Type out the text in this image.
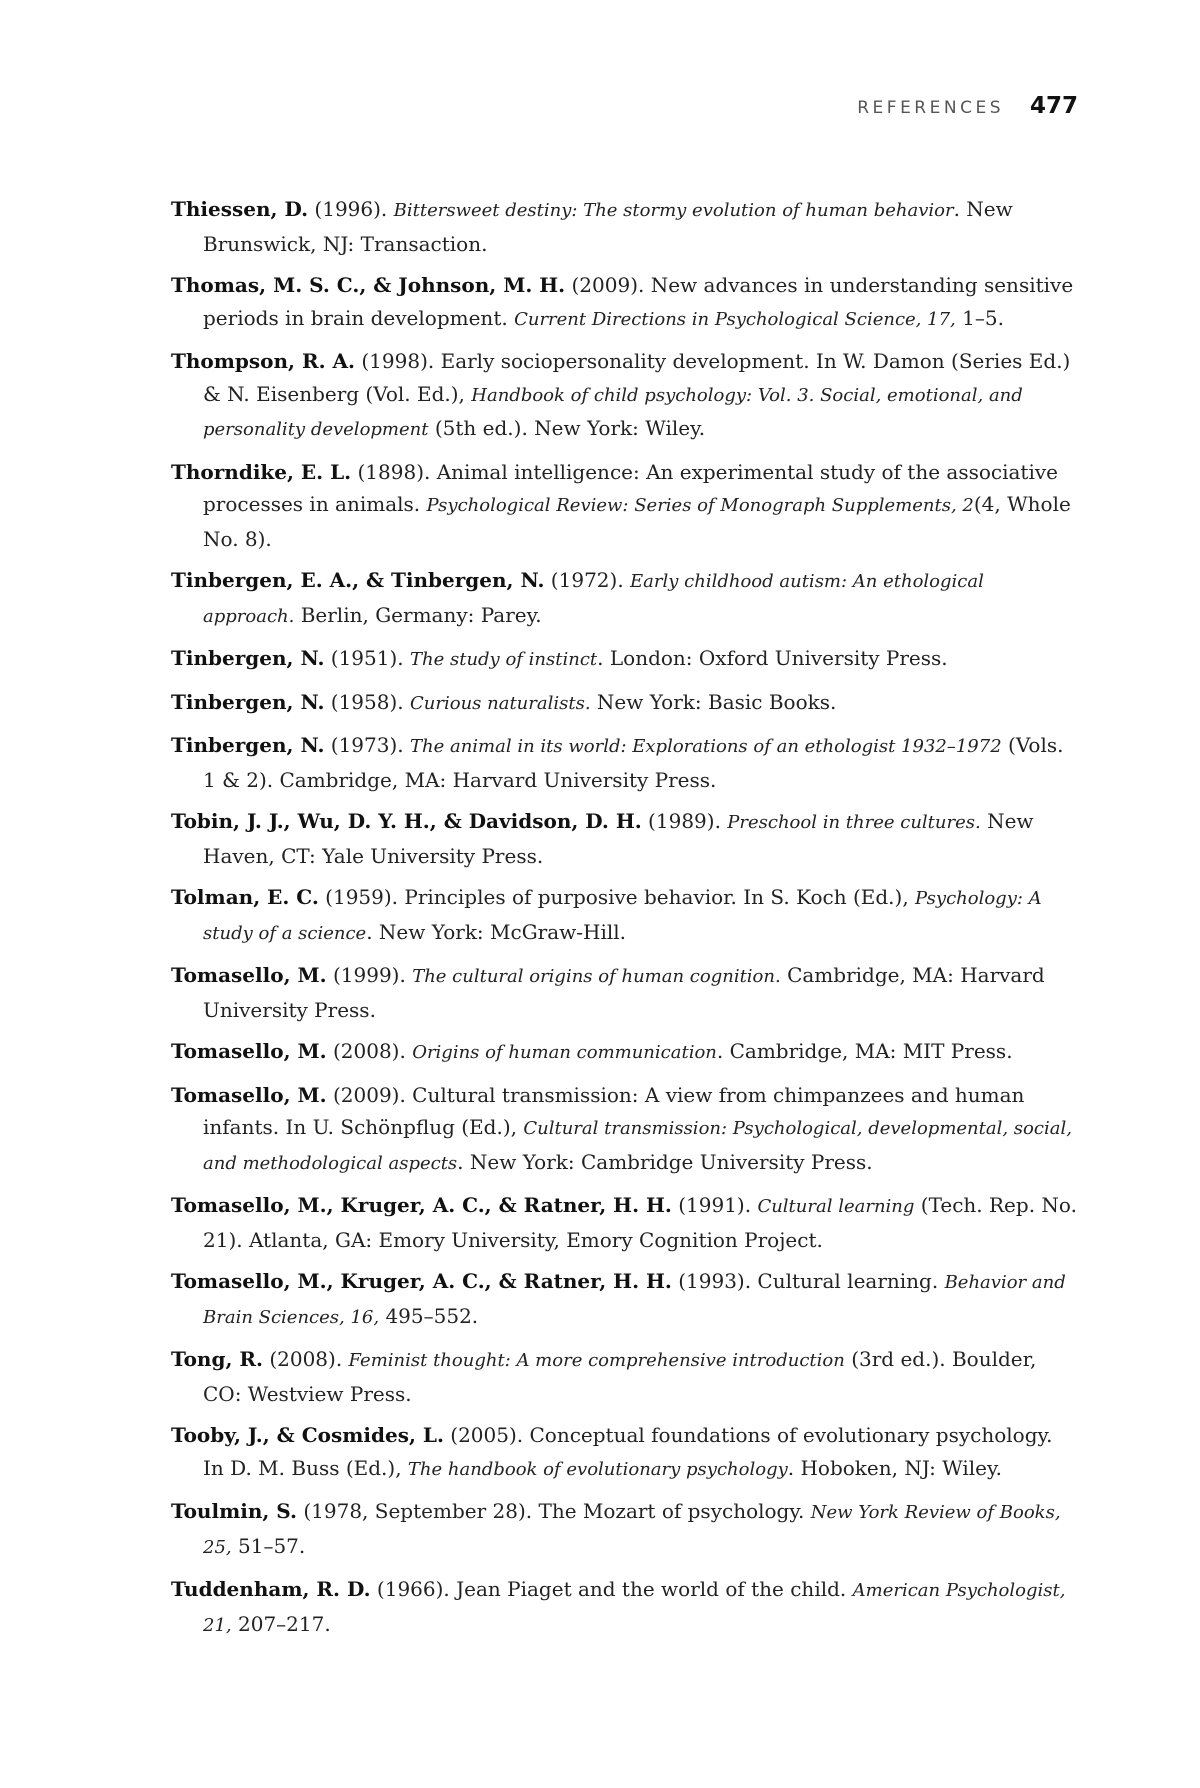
REFERENCES 477
Thiessen, D. (1996). Bittersweet destiny: The stormy evolution of human behavior. New Brunswick, NJ: Transaction.
Thomas, M. S. C., & Johnson, M. H. (2009). New advances in understanding sensitive periods in brain development. Current Directions in Psychological Science, 17, 1–5.
Thompson, R. A. (1998). Early sociopersonality development. In W. Damon (Series Ed.) & N. Eisenberg (Vol. Ed.), Handbook of child psychology: Vol. 3. Social, emotional, and personality development (5th ed.). New York: Wiley.
Thorndike, E. L. (1898). Animal intelligence: An experimental study of the associative processes in animals. Psychological Review: Series of Monograph Supplements, 2(4, Whole No. 8).
Tinbergen, E. A., & Tinbergen, N. (1972). Early childhood autism: An ethological approach. Berlin, Germany: Parey.
Tinbergen, N. (1951). The study of instinct. London: Oxford University Press.
Tinbergen, N. (1958). Curious naturalists. New York: Basic Books.
Tinbergen, N. (1973). The animal in its world: Explorations of an ethologist 1932–1972 (Vols. 1 & 2). Cambridge, MA: Harvard University Press.
Tobin, J. J., Wu, D. Y. H., & Davidson, D. H. (1989). Preschool in three cultures. New Haven, CT: Yale University Press.
Tolman, E. C. (1959). Principles of purposive behavior. In S. Koch (Ed.), Psychology: A study of a science. New York: McGraw-Hill.
Tomasello, M. (1999). The cultural origins of human cognition. Cambridge, MA: Harvard University Press.
Tomasello, M. (2008). Origins of human communication. Cambridge, MA: MIT Press.
Tomasello, M. (2009). Cultural transmission: A view from chimpanzees and human infants. In U. Schönpflug (Ed.), Cultural transmission: Psychological, developmental, social, and methodological aspects. New York: Cambridge University Press.
Tomasello, M., Kruger, A. C., & Ratner, H. H. (1991). Cultural learning (Tech. Rep. No. 21). Atlanta, GA: Emory University, Emory Cognition Project.
Tomasello, M., Kruger, A. C., & Ratner, H. H. (1993). Cultural learning. Behavior and Brain Sciences, 16, 495–552.
Tong, R. (2008). Feminist thought: A more comprehensive introduction (3rd ed.). Boulder, CO: Westview Press.
Tooby, J., & Cosmides, L. (2005). Conceptual foundations of evolutionary psychology. In D. M. Buss (Ed.), The handbook of evolutionary psychology. Hoboken, NJ: Wiley.
Toulmin, S. (1978, September 28). The Mozart of psychology. New York Review of Books, 25, 51–57.
Tuddenham, R. D. (1966). Jean Piaget and the world of the child. American Psychologist, 21, 207–217.
